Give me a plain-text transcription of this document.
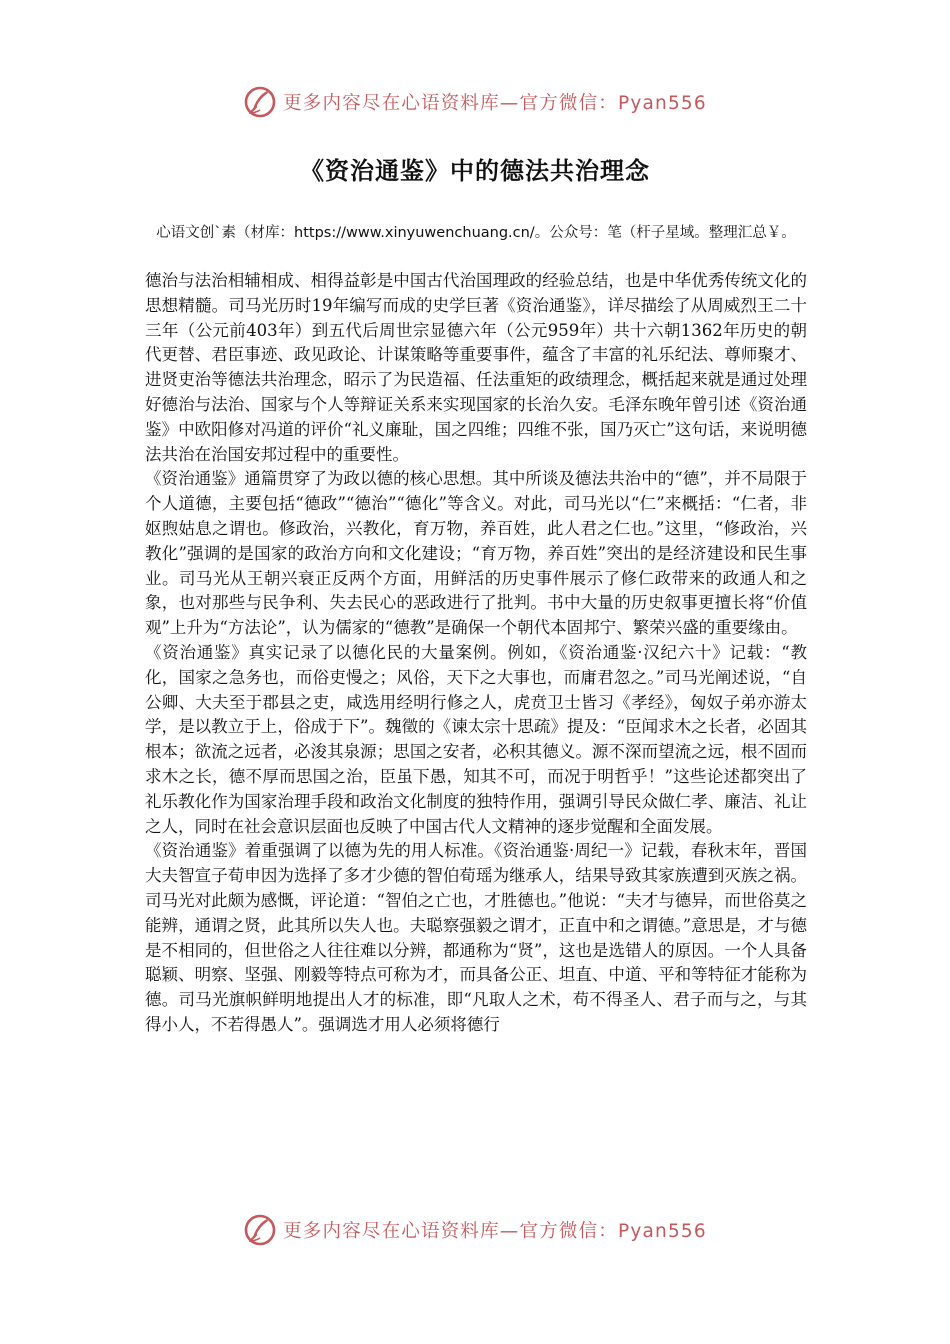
更多内容尽在心语资料库—官方微信：Pyan556
《资治通鉴》中的德法共治理念
心语文创`素（材库：https://www.xinyuwenchuang.cn/。公众号：笔（杆子星域。整理汇总￥。

德治与法治相辅相成、相得益彰是中国古代治国理政的经验总结，也是中华优秀传统文化的思想精髓。司马光历时19年编写而成的史学巨著《资治通鉴》，详尽描绘了从周威烈王二十三年（公元前403年）到五代后周世宗显德六年（公元959年）共十六朝1362年历史的朝代更替、君臣事迹、政见政论、计谋策略等重要事件，蕴含了丰富的礼乐纪法、尊师聚才、进贤吏治等德法共治理念，昭示了为民造福、任法重矩的政绩理念，概括起来就是通过处理好德治与法治、国家与个人等辩证关系来实现国家的长治久安。毛泽东晚年曾引述《资治通鉴》中欧阳修对冯道的评价“礼义廉耻，国之四维；四维不张，国乃灭亡”这句话，来说明德法共治在治国安邦过程中的重要性。

《资治通鉴》通篇贯穿了为政以德的核心思想。其中所谈及德法共治中的“德”，并不局限于个人道德，主要包括“德政”“德治”“德化”等含义。对此，司马光以“仁”来概括：“仁者，非妪煦姑息之谓也。修政治，兴教化，育万物，养百姓，此人君之仁也。”这里，“修政治，兴教化”强调的是国家的政治方向和文化建设；“育万物，养百姓”突出的是经济建设和民生事业。司马光从王朝兴衰正反两个方面，用鲜活的历史事件展示了修仁政带来的政通人和之象，也对那些与民争利、失去民心的恶政进行了批判。书中大量的历史叙事更擅长将“价值观”上升为“方法论”，认为儒家的“德教”是确保一个朝代本固邦宁、繁荣兴盛的重要缘由。

《资治通鉴》真实记录了以德化民的大量案例。例如，《资治通鉴·汉纪六十》记载：“教化，国家之急务也，而俗吏慢之；风俗，天下之大事也，而庸君忽之。”司马光阐述说，“自公卿、大夫至于郡县之吏，咸选用经明行修之人，虎贲卫士皆习《孝经》，匈奴子弟亦游太学，是以教立于上，俗成于下”。魏徵的《谏太宗十思疏》提及：“臣闻求木之长者，必固其根本；欲流之远者，必浚其泉源；思国之安者，必积其德义。源不深而望流之远，根不固而求木之长，德不厚而思国之治，臣虽下愚，知其不可，而况于明哲乎！”这些论述都突出了礼乐教化作为国家治理手段和政治文化制度的独特作用，强调引导民众做仁孝、廉洁、礼让之人，同时在社会意识层面也反映了中国古代人文精神的逐步觉醒和全面发展。

《资治通鉴》着重强调了以德为先的用人标准。《资治通鉴·周纪一》记载，春秋末年，晋国大夫智宣子荀申因为选择了多才少德的智伯荀瑶为继承人，结果导致其家族遭到灭族之祸。司马光对此颇为感慨，评论道：“智伯之亡也，才胜德也。”他说：“夫才与德异，而世俗莫之能辨，通谓之贤，此其所以失人也。夫聪察强毅之谓才，正直中和之谓德。”意思是，才与德是不相同的，但世俗之人往往难以分辨，都通称为“贤”，这也是选错人的原因。一个人具备聪颖、明察、坚强、刚毅等特点可称为才，而具备公正、坦直、中道、平和等特征才能称为德。司马光旗帜鲜明地提出人才的标准，即“凡取人之术，苟不得圣人、君子而与之，与其得小人，不若得愚人”。强调选才用人必须将德行

更多内容尽在心语资料库—官方微信：Pyan556
